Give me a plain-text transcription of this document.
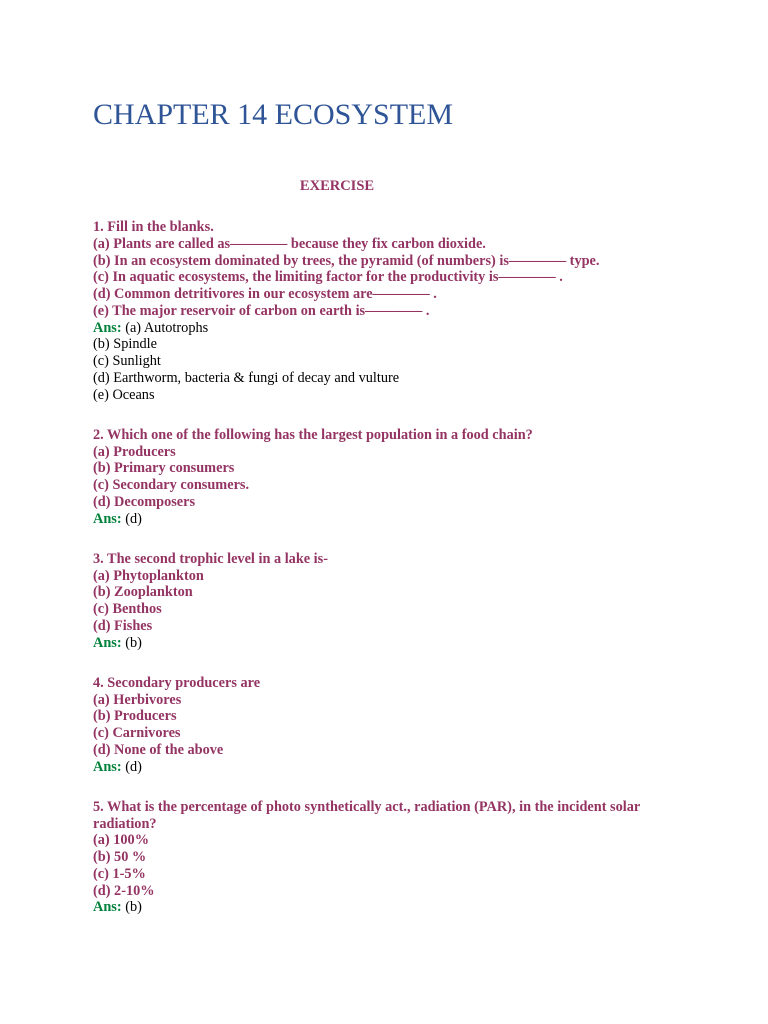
CHAPTER 14 ECOSYSTEM
EXERCISE
1. Fill in the blanks.
(a) Plants are called as———— because they fix carbon dioxide.
(b) In an ecosystem dominated by trees, the pyramid (of numbers) is———— type.
(c) In aquatic ecosystems, the limiting factor for the productivity is———— .
(d) Common detritivores in our ecosystem are———— .
(e) The major reservoir of carbon on earth is———— .
Ans: (a) Autotrophs
(b) Spindle
(c) Sunlight
(d) Earthworm, bacteria & fungi of decay and vulture
(e) Oceans
2. Which one of the following has the largest population in a food chain?
(a) Producers
(b) Primary consumers
(c) Secondary consumers.
(d) Decomposers
Ans: (d)
3. The second trophic level in a lake is-
(a) Phytoplankton
(b) Zooplankton
(c) Benthos
(d) Fishes
Ans: (b)
4. Secondary producers are
(a) Herbivores
(b) Producers
(c) Carnivores
(d) None of the above
Ans: (d)
5. What is the percentage of photo synthetically act., radiation (PAR), in the incident solar radiation?
(a) 100%
(b) 50 %
(c) 1-5%
(d) 2-10%
Ans: (b)
